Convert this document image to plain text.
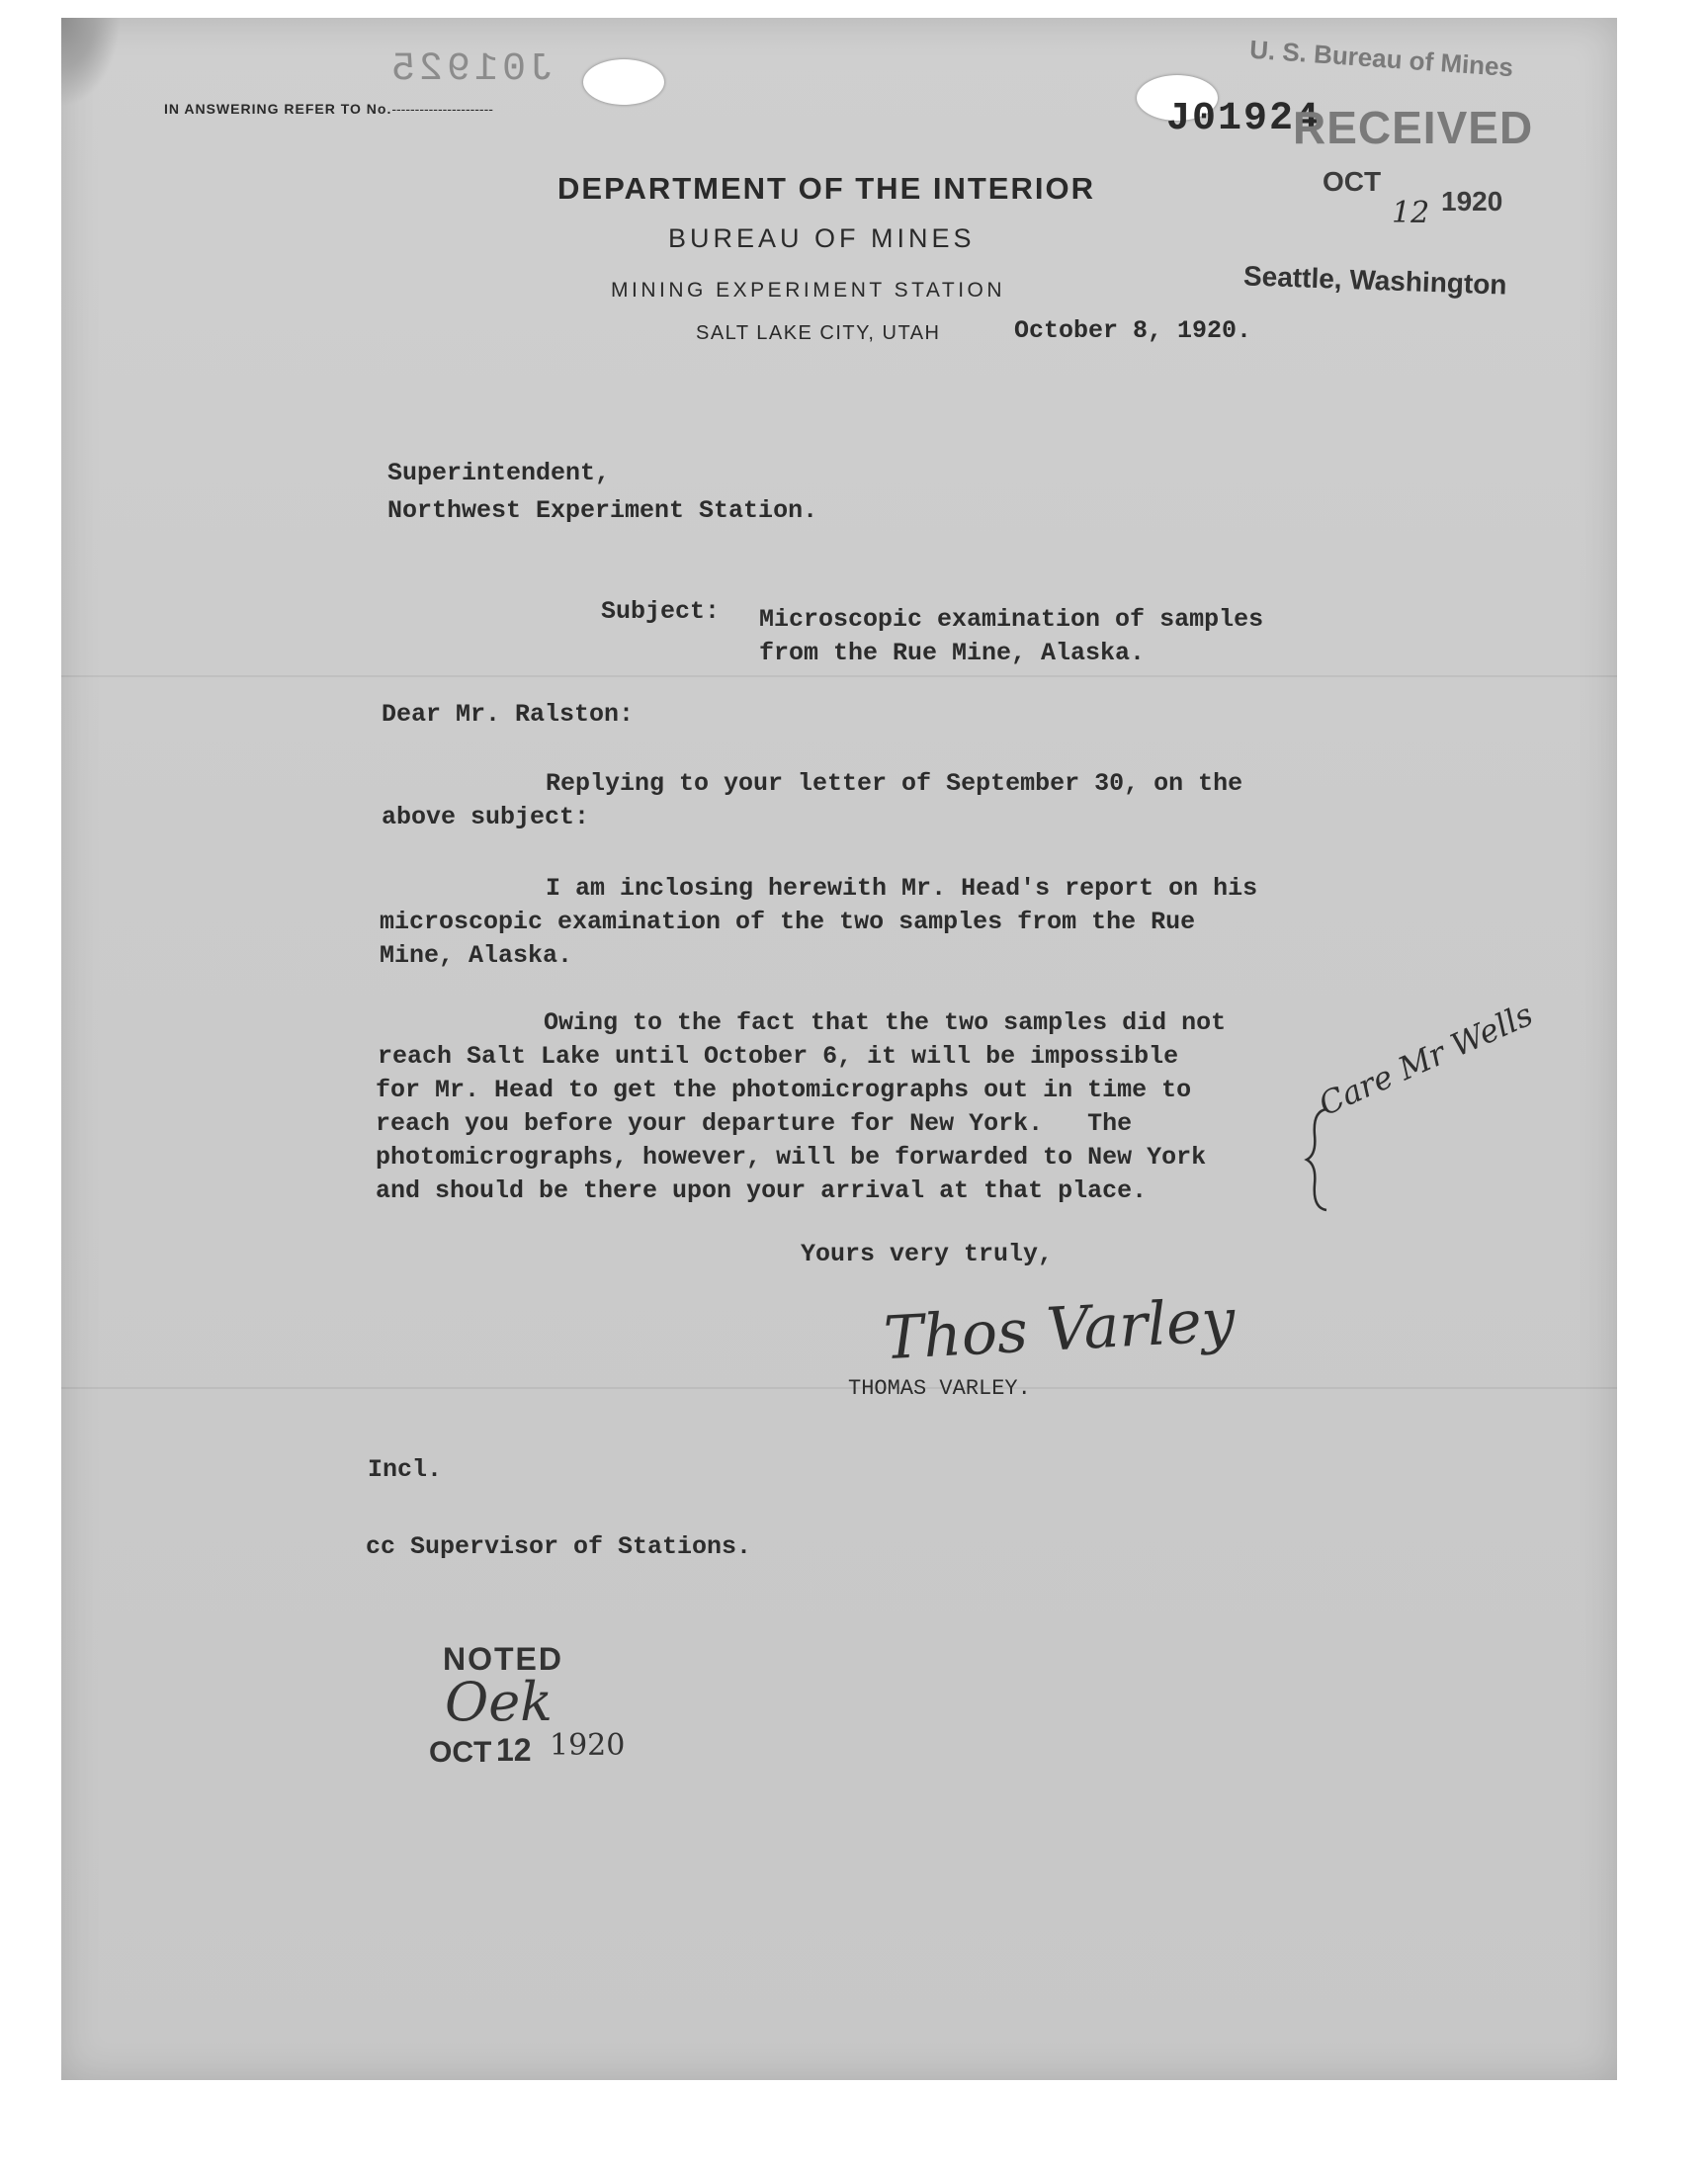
J01925
IN ANSWERING REFER TO No.----------------------
DEPARTMENT OF THE INTERIOR
BUREAU OF MINES
MINING EXPERIMENT STATION
SALT LAKE CITY, UTAH	October 8, 1920.
U. S. Bureau of Mines
J01924
RECEIVED
OCT
12 1920
Seattle, Washington
Superintendent,
Northwest Experiment Station.
Subject: Microscopic examination of samples
from the Rue Mine, Alaska.
Dear Mr. Ralston:
Replying to your letter of September 30, on the
above subject:
I am inclosing herewith Mr. Head's report on his
microscopic examination of the two samples from the Rue
Mine, Alaska.
Owing to the fact that the two samples did not
reach Salt Lake until October 6, it will be impossible
for Mr. Head to get the photomicrographs out in time to
reach you before your departure for New York.   The
photomicrographs, however, will be forwarded to New York
and should be there upon your arrival at that place.
Care Mr Wells
Yours very truly,
Thos Varley
THOMAS VARLEY.
Incl.
cc Supervisor of Stations.
NOTED
Oek
OCT 12 1920
